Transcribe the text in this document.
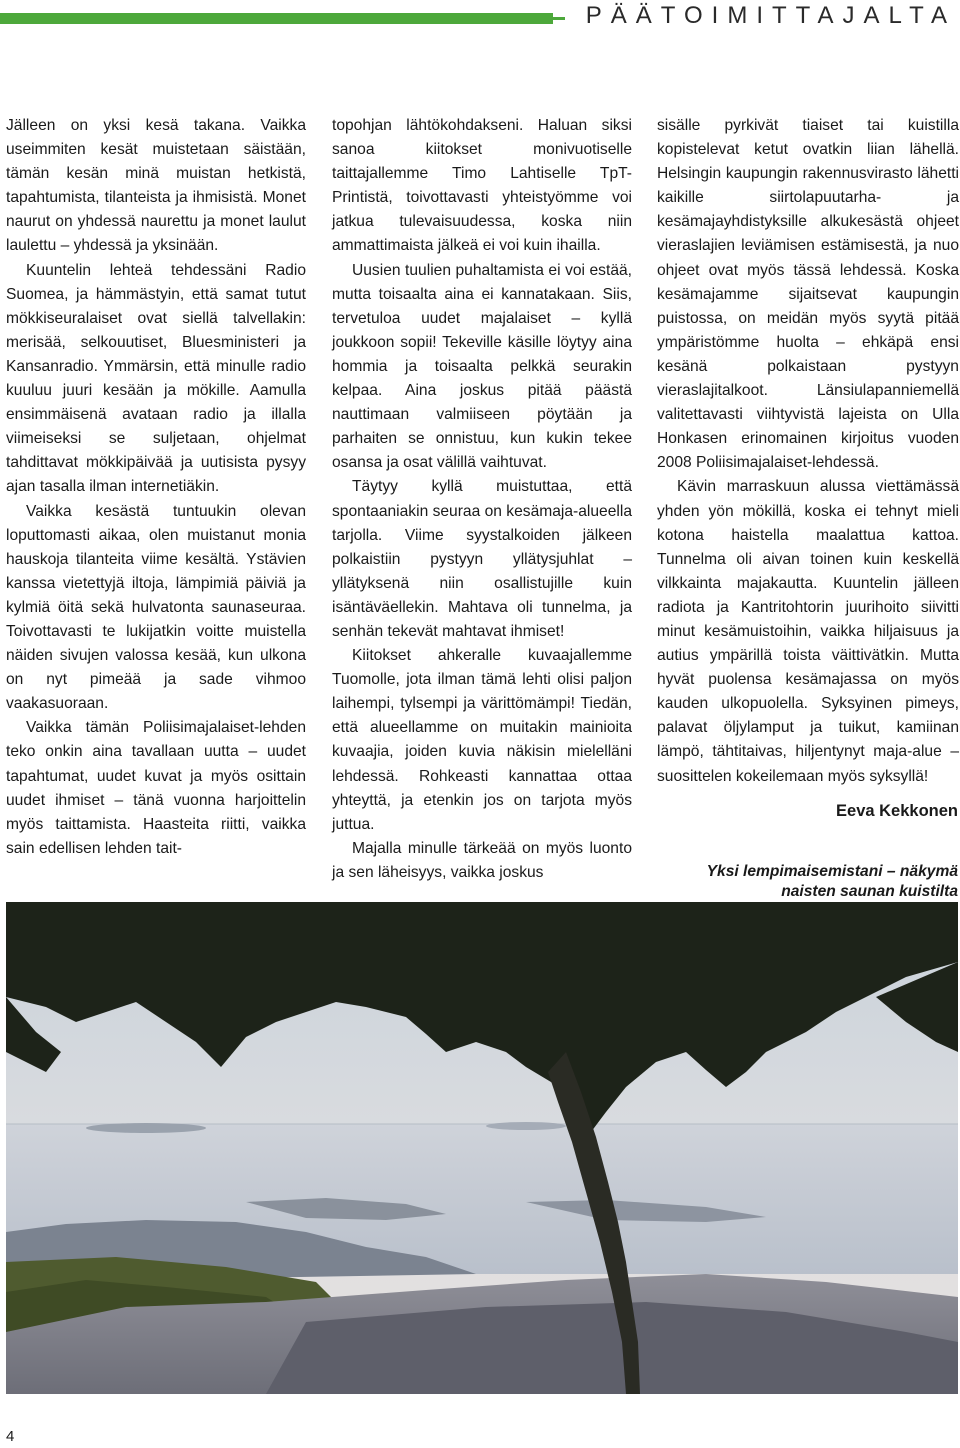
PÄÄTOIMITTAJALTA

Jälleen on yksi kesä takana. Vaikka useimmiten kesät muistetaan säistään, tämän kesän minä muistan hetkistä, tapahtumista, tilanteista ja ihmisistä. Monet naurut on yhdessä naurettu ja monet laulut laulettu – yhdessä ja yksinään.

Kuuntelin lehteä tehdessäni Radio Suomea, ja hämmästyin, että samat tutut mökkiseuralaiset ovat siellä talvellakin: merisää, selkouutiset, Bluesministeri ja Kansanradio. Ymmärsin, että minulle radio kuuluu juuri kesään ja mökille. Aamulla ensimmäisenä avataan radio ja illalla viimeiseksi se suljetaan, ohjelmat tahdittavat mökkipäivää ja uutisista pysyy ajan tasalla ilman internetiäkin.

Vaikka kesästä tuntuukin olevan loputtomasti aikaa, olen muistanut monia hauskoja tilanteita viime kesältä. Ystävien kanssa vietettyjä iltoja, lämpimiä päiviä ja kylmiä öitä sekä hulvatonta saunaseuraa. Toivottavasti te lukijatkin voitte muistella näiden sivujen valossa kesää, kun ulkona on nyt pimeää ja sade vihmoo vaakasuoraan.

Vaikka tämän Poliisimajalaiset-lehden teko onkin aina tavallaan uutta – uudet tapahtumat, uudet kuvat ja myös osittain uudet ihmiset – tänä vuonna harjoittelin myös taittamista. Haasteita riitti, vaikka sain edellisen lehden tait-

topohjan lähtökohdakseni. Haluan siksi sanoa kiitokset monivuotiselle taittajallemme Timo Lahtiselle TpT-Printistä, toivottavasti yhteistyömme voi jatkua tulevaisuudessa, koska niin ammattimaista jälkeä ei voi kuin ihailla.

Uusien tuulien puhaltamista ei voi estää, mutta toisaalta aina ei kannatakaan. Siis, tervetuloa uudet majalaiset – kyllä joukkoon sopii! Tekeville käsille löytyy aina hommia ja toisaalta pelkkä seurakin kelpaa. Aina joskus pitää päästä nauttimaan valmiiseen pöytään ja parhaiten se onnistuu, kun kukin tekee osansa ja osat välillä vaihtuvat.

Täytyy kyllä muistuttaa, että spontaaniakin seuraa on kesämaja-alueella tarjolla. Viime syystalkoiden jälkeen polkaistiin pystyyn yllätysjuhlat – yllätyksenä niin osallistujille kuin isäntäväellekin. Mahtava oli tunnelma, ja senhän tekevät mahtavat ihmiset!

Kiitokset ahkeralle kuvaajallemme Tuomolle, jota ilman tämä lehti olisi paljon laihempi, tylsempi ja värittömämpi! Tiedän, että alueellamme on muitakin mainioita kuvaajia, joiden kuvia näkisin mielelläni lehdessä. Rohkeasti kannattaa ottaa yhteyttä, ja etenkin jos on tarjota myös juttua.

Majalla minulle tärkeää on myös luonto ja sen läheisyys, vaikka joskus

sisälle pyrkivät tiaiset tai kuistilla kopistelevat ketut ovatkin liian lähellä. Helsingin kaupungin rakennusvirasto lähetti kaikille siirtolapuutarha- ja kesämajayhdistyksille alkukesästä ohjeet vieraslajien leviämisen estämisestä, ja nuo ohjeet ovat myös tässä lehdessä. Koska kesämajamme sijaitsevat kaupungin puistossa, on meidän myös syytä pitää ympäristömme huolta – ehkäpä ensi kesänä polkaistaan pystyyn vieraslajitalkoot. Länsiulapanniemellä valitettavasti viihtyvistä lajeista on Ulla Honkasen erinomainen kirjoitus vuoden 2008 Poliisimajalaiset-lehdessä.

Kävin marraskuun alussa viettämässä yhden yön mökillä, koska ei tehnyt mieli kotona haistella maalattua kattoa. Tunnelma oli aivan toinen kuin keskellä vilkkainta majakautta. Kuuntelin jälleen radiota ja Kantritohtorin juurihoito siivitti minut kesämuistoihin, vaikka hiljaisuus ja autius ympärillä toista väittivätkin. Mutta hyvät puolensa kesämajassa on myös kauden ulkopuolella. Syksyinen pimeys, palavat öljylamput ja tuikut, kamiinan lämpö, tähtitaivas, hiljentynyt maja-alue – suosittelen kokeilemaan myös syksyllä!

Eeva Kekkonen
Yksi lempimaisemistani – näkymä
naisten saunan kuistilta
4
